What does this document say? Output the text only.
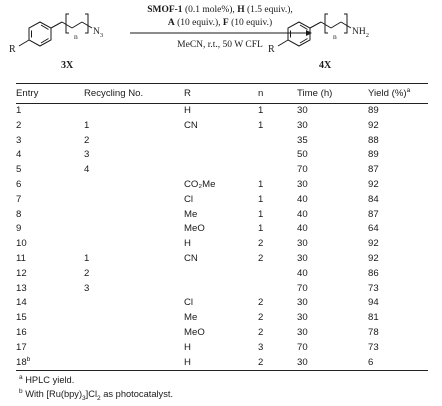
R
n $N_3$
3X
SMOF-1 (0.1 mole%), H (1.5 equiv.),
A (10 equiv.), F (10 equiv.)
MeCN, r.t., 50 W CFL R
n $NH_2$
4X
Entry	Recycling No.	R	n	Time (h)	Yield (%)$^a$
1		H	1	30	89
2	1	CN	1	30	92
3	2			35	88
4	3			50	89
5	4			70	87
6		CO₂Me	1	30	92
7		Cl	1	40	84
8		Me	1	40	87
9		MeO	1	40	64
10		H	2	30	92
11	1	CN	2	30	92
12	2			40	86
13	3			70	73
14		Cl	2	30	94
15		Me	2	30	81
16		MeO	2	30	78
17		H	3	70	73
18$^b$		H	2	30	6
$^a$ HPLC yield.
$^b$ With $[Ru(bpy)_3]Cl_2$ as photocatalyst.
